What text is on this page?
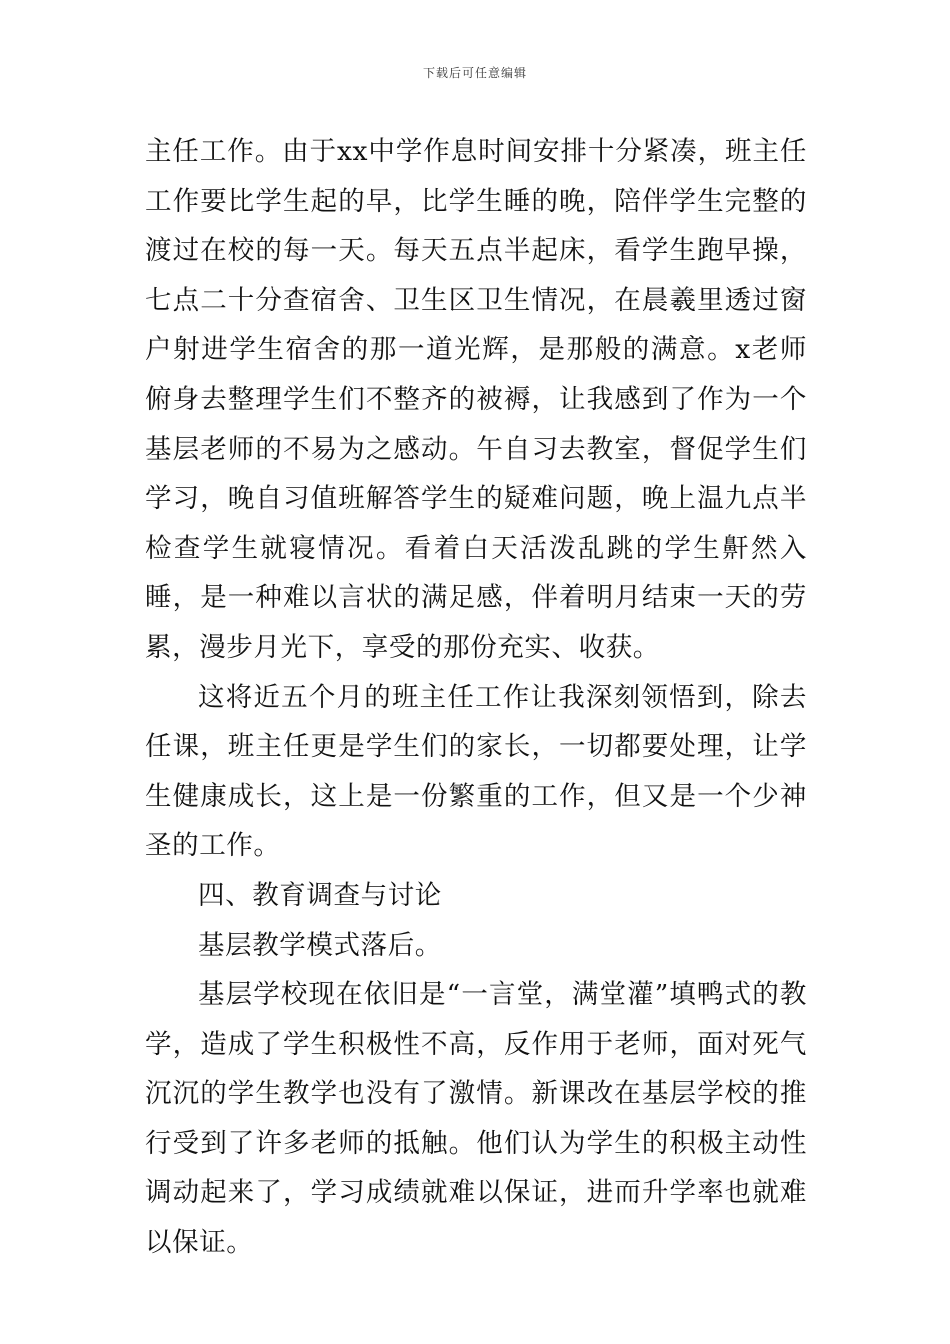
下载后可任意编辑

主任工作。由于xx中学作息时间安排十分紧凑，班主任工作要比学生起的早，比学生睡的晚，陪伴学生完整的渡过在校的每一天。每天五点半起床，看学生跑早操，七点二十分查宿舍、卫生区卫生情况，在晨羲里透过窗户射进学生宿舍的那一道光辉，是那般的满意。x老师俯身去整理学生们不整齐的被褥，让我感到了作为一个基层老师的不易为之感动。午自习去教室，督促学生们学习，晚自习值班解答学生的疑难问题，晚上温九点半检查学生就寝情况。看着白天活泼乱跳的学生鼾然入睡，是一种难以言状的满足感，伴着明月结束一天的劳累，漫步月光下，享受的那份充实、收获。

这将近五个月的班主任工作让我深刻领悟到，除去任课，班主任更是学生们的家长，一切都要处理，让学生健康成长，这上是一份繁重的工作，但又是一个少神圣的工作。

四、教育调查与讨论

基层教学模式落后。

基层学校现在依旧是“一言堂，满堂灌”填鸭式的教学，造成了学生积极性不高，反作用于老师，面对死气沉沉的学生教学也没有了激情。新课改在基层学校的推行受到了许多老师的抵触。他们认为学生的积极主动性调动起来了，学习成绩就难以保证，进而升学率也就难以保证。
